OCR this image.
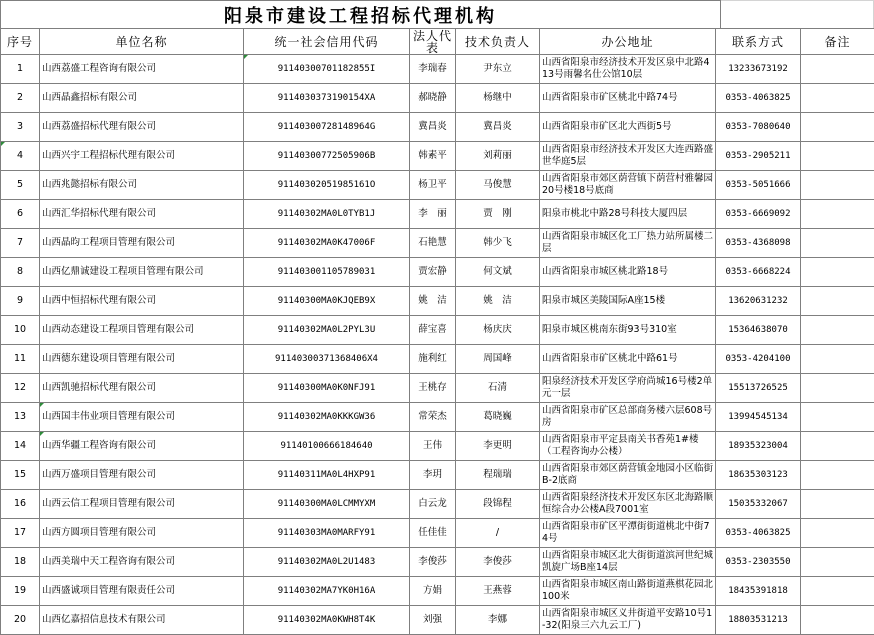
阳泉市建设工程招标代理机构
序号	单位名称	统一社会信用代码	法人代表	技术负责人	办公地址	联系方式	备注
1	山西荔盛工程咨询有限公司	91140300701182855I	李瑞春	尹东立	山西省阳泉市经济技术开发区泉中北路413号雨馨名仕公馆10层	13233673192	
2	山西晶鑫招标有限公司	91140303731901​54XA	郝晓静	杨继中	山西省阳泉市矿区桃北中路74号	0353-4063825	
3	山西荔盛招标代理有限公司	91140300728148964G	冀昌炎	冀昌炎	山西省阳泉市矿区北大西街5号	0353-7080640	
4	山西兴宇工程招标代理有限公司	91140300772505906B	韩素平	刘莉丽	山西省阳泉市经济技术开发区大连西路盛世华庭5层	0353-2905211	
5	山西兆懿招标有限公司	91140302051985161O	杨卫平	马俊慧	山西省阳泉市郊区荫营镇下荫营村雅馨园20号楼18号底商	0353-5051666	
6	山西汇华招标代理有限公司	91140302MA0L0TYB1J	李　丽	贾　刚	阳泉市桃北中路28号科技大厦四层	0353-6669092	
7	山西晶昀工程项目管理有限公司	91140302MA0K47006F	石艳慧	韩少飞	山西省阳泉市城区化工厂热力站所属楼二层	0353-4368098	
8	山西亿鼎诚建设工程项目管理有限公司	911403001105789031	贾宏静	何文斌	山西省阳泉市城区桃北路18号	0353-6668224	
9	山西中恒招标代理有限公司	91140300MA0KJQEB9X	姚　洁	姚　洁	阳泉市城区美陵国际A座15楼	13620631232	
10	山西动态建设工程项目管理有限公司	91140302MA0L2PYL3U	薛宝喜	杨庆庆	阳泉市城区桃南东街93号310室	15364638070	
11	山西德东建设项目管理有限公司	91140300371368406X4	施利红	周国峰	山西省阳泉市矿区桃北中路61号	0353-4204100	
12	山西凯驰招标代理有限公司	91140300MA0K0NFJ91	王桃存	石清	阳泉经济技术开发区学府尚城16号楼2单元一层	15513726525	
13	山西国丰伟业项目管理有限公司	91140302MA0KKKGW36	常荣杰	葛晓巍	山西省阳泉市矿区总部商务楼六层608号房	13994545134	
14	山西华疆工程咨询有限公司	91140100666184640	王伟	李更明	山西省阳泉市平定县南关书香苑1#楼（工程咨询办公楼）	18935323004	
15	山西万盛项目管理有限公司	91140311MA0L4HXP91	李玥	程瑞瑞	山西省阳泉市郊区荫营镇金地园小区临街B-2底商	18635303123	
16	山西云信工程项目管理有限公司	91140300MA0LCMMYXM	白云龙	段锦程	山西省阳泉经济技术开发区东区北海路顺恒综合办公楼A段7001室	15035332067	
17	山西方圆项目管理有限公司	91140303MA0MARFY91	任佳佳	/	山西省阳泉市矿区平潭街街道桃北中街74号	0353-4063825	
18	山西美瑞中天工程咨询有限公司	91140302MA0L2U1483	李俊莎	李俊莎	山西省阳泉市城区北大街街道滨河世纪城凯旋广场B座14层	0353-2303550	
19	山西盛诚项目管理有限责任公司	91140302MA7YK0H16A	方娟	王燕蓉	山西省阳泉市城区南山路街道燕棋花园北100米	18435391818	
20	山西亿嘉招信息技术有限公司	91140302MA0KWH8T4K	刘强	李娜	山西省阳泉市城区义井街道平安路10号1-32(阳泉三六九云工厂)	18803531213	
